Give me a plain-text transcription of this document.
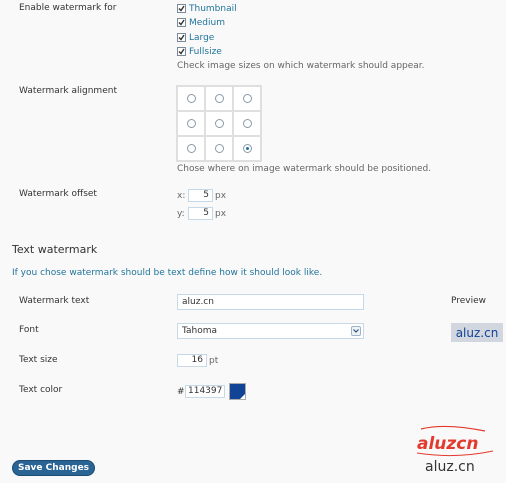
Enable watermark for	Thumbnail
Medium
Large
Fullsize
Check image sizes on which watermark should appear.
Watermark alignment
Chose where on image watermark should be positioned.
Watermark offset	x:	5 px
y:	5 px
Text watermark
If you chose watermark should be text define how it should look like.
Watermark text	aluz.cn	Preview
Font	Tahoma	aluz.cn
Text size	16 pt
Text color	# 114397
Save Changes
aluzcn
aluz.cn
